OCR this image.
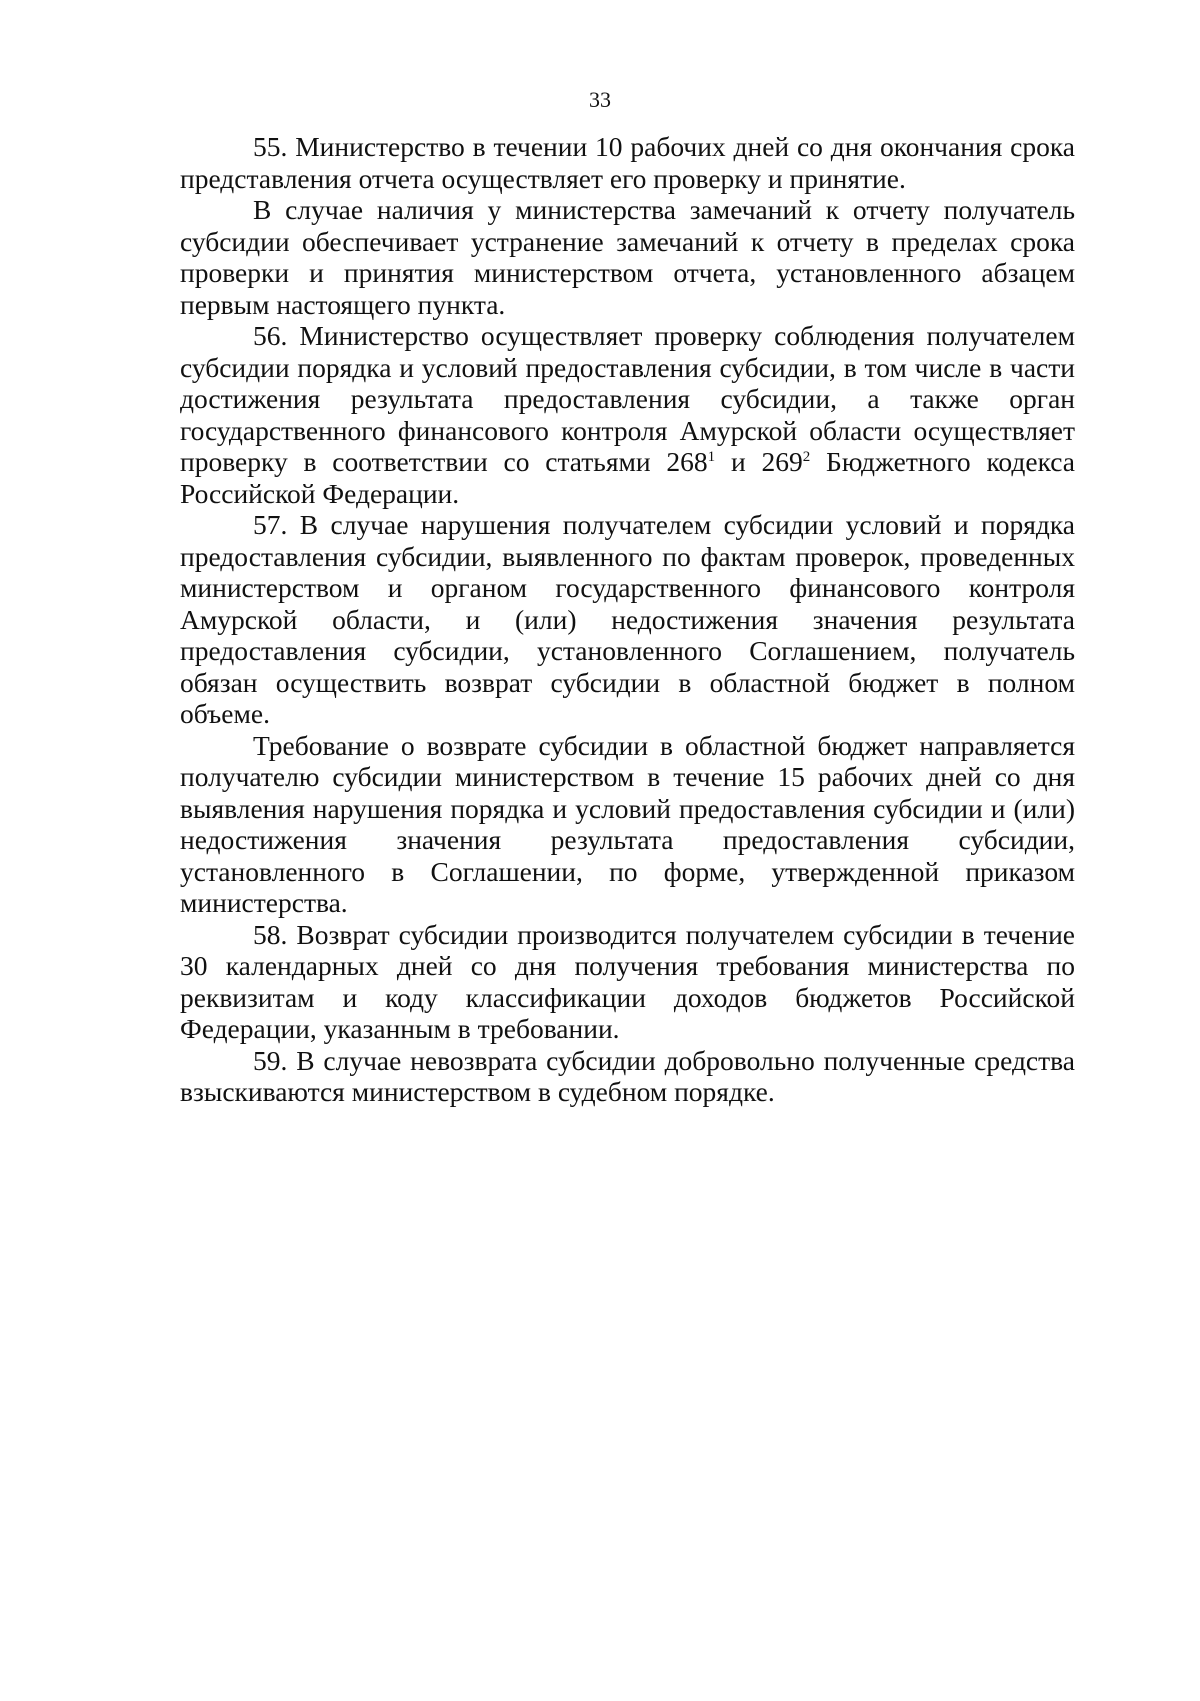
33

55. Министерство в течении 10 рабочих дней со дня окончания срока представления отчета осуществляет его проверку и принятие.

В случае наличия у министерства замечаний к отчету получатель субсидии обеспечивает устранение замечаний к отчету в пределах срока проверки и принятия министерством отчета, установленного абзацем первым настоящего пункта.

56. Министерство осуществляет проверку соблюдения получателем субсидии порядка и условий предоставления субсидии, в том числе в части достижения результата предоставления субсидии, а также орган государственного финансового контроля Амурской области осуществляет проверку в соответствии со статьями $268^1$ и $269^2$ Бюджетного кодекса Российской Федерации.

57. В случае нарушения получателем субсидии условий и порядка предоставления субсидии, выявленного по фактам проверок, проведенных министерством и органом государственного финансового контроля Амурской области, и (или) недостижения значения результата предоставления субсидии, установленного Соглашением, получатель обязан осуществить возврат субсидии в областной бюджет в полном объеме.

Требование о возврате субсидии в областной бюджет направляется получателю субсидии министерством в течение 15 рабочих дней со дня выявления нарушения порядка и условий предоставления субсидии и (или) недостижения значения результата предоставления субсидии, установленного в Соглашении, по форме, утвержденной приказом министерства.

58. Возврат субсидии производится получателем субсидии в течение 30 календарных дней со дня получения требования министерства по реквизитам и коду классификации доходов бюджетов Российской Федерации, указанным в требовании.

59. В случае невозврата субсидии добровольно полученные средства взыскиваются министерством в судебном порядке.
